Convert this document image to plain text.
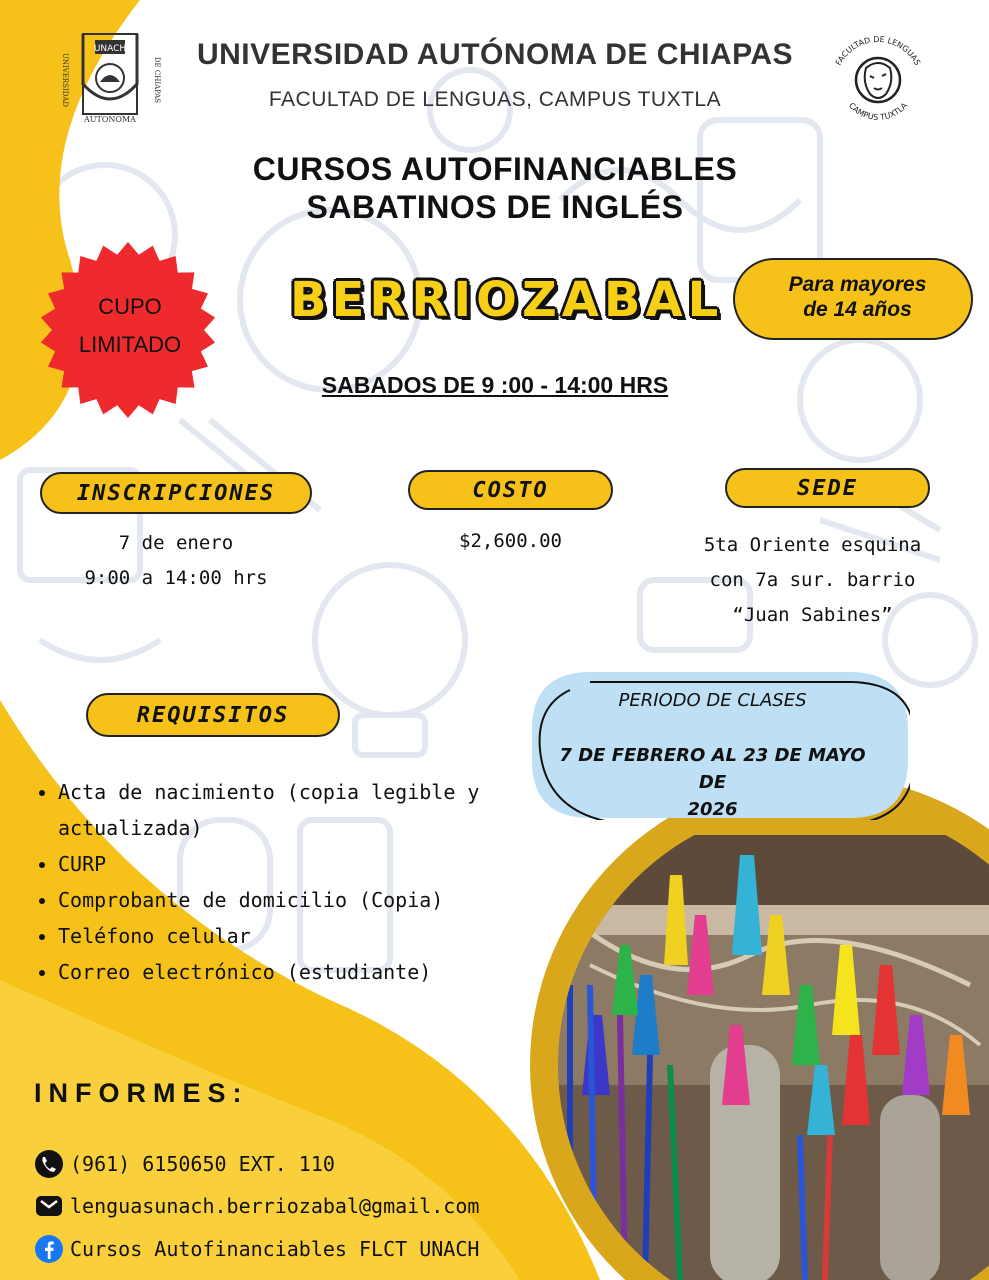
UNACH
UNIVERSIDAD	DE CHIAPAS
AUTONOMA
UNIVERSIDAD AUTÓNOMA DE CHIAPAS
FACULTAD DE LENGUAS, CAMPUS TUXTLA
FACULTAD DE LENGUAS
CAMPUS TUXTLA
CURSOS AUTOFINANCIABLES
SABATINOS DE INGLÉS
CUPO
LIMITADO
BERRIOZABAL	Para mayores
de 14 años
SABADOS DE 9 :00 - 14:00 HRS
INSCRIPCIONES
7 de enero
9:00 a 14:00 hrs
COSTO
$2,600.00
SEDE
5ta Oriente esquina
con 7a sur. barrio
“Juan Sabines”
PERIODO DE CLASES
7 DE FEBRERO AL 23 DE MAYO DE
2026
REQUISITOS
• Acta de nacimiento (copia legible y actualizada)
• CURP
• Comprobante de domicilio (Copia)
• Teléfono celular
• Correo electrónico (estudiante)
INFORMES:
(961) 6150650 EXT. 110
lenguasunach.berriozabal@gmail.com
Cursos Autofinanciables FLCT UNACH
